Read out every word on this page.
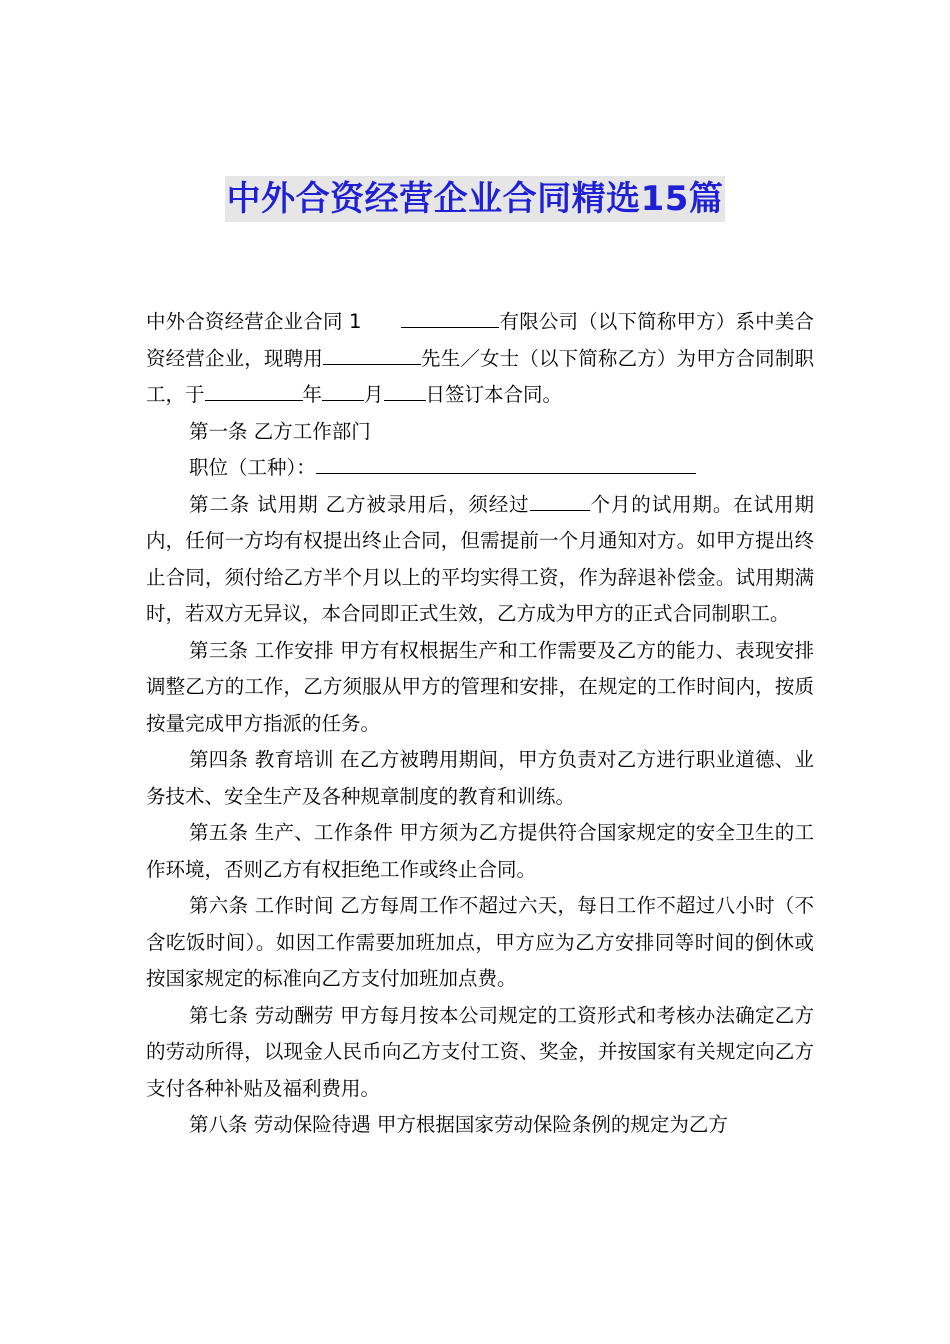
中外合资经营企业合同精选15篇

中外合资经营企业合同 1	有限公司（以下简称甲方）系中美合资经营企业，现聘用	先生／女士（以下简称乙方）为甲方合同制职工，于	年 月 日签订本合同。

第一条 乙方工作部门

职位（工种）：

第二条 试用期 乙方被录用后，须经过	个月的试用期。在试用期内，任何一方均有权提出终止合同，但需提前一个月通知对方。如甲方提出终止合同，须付给乙方半个月以上的平均实得工资，作为辞退补偿金。试用期满时，若双方无异议，本合同即正式生效，乙方成为甲方的正式合同制职工。

第三条 工作安排 甲方有权根据生产和工作需要及乙方的能力、表现安排调整乙方的工作，乙方须服从甲方的管理和安排，在规定的工作时间内，按质按量完成甲方指派的任务。

第四条 教育培训 在乙方被聘用期间，甲方负责对乙方进行职业道德、业务技术、安全生产及各种规章制度的教育和训练。

第五条 生产、工作条件 甲方须为乙方提供符合国家规定的安全卫生的工作环境，否则乙方有权拒绝工作或终止合同。

第六条 工作时间 乙方每周工作不超过六天，每日工作不超过八小时（不含吃饭时间）。如因工作需要加班加点，甲方应为乙方安排同等时间的倒休或按国家规定的标准向乙方支付加班加点费。

第七条 劳动酬劳 甲方每月按本公司规定的工资形式和考核办法确定乙方的劳动所得，以现金人民币向乙方支付工资、奖金，并按国家有关规定向乙方支付各种补贴及福利费用。

第八条 劳动保险待遇 甲方根据国家劳动保险条例的规定为乙方
